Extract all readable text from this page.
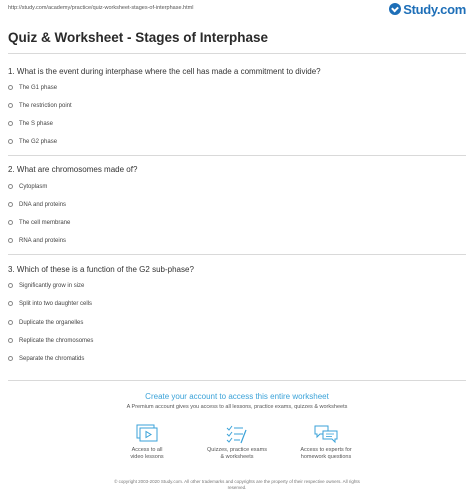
http://study.com/academy/practice/quiz-worksheet-stages-of-interphase.html	Study.com
Quiz & Worksheet - Stages of Interphase
1. What is the event during interphase where the cell has made a commitment to divide?
The G1 phase
The restriction point
The S phase
The G2 phase
2. What are chromosomes made of?
Cytoplasm
DNA and proteins
The cell membrane
RNA and proteins
3. Which of these is a function of the G2 sub-phase?
Significantly grow in size
Split into two daughter cells
Duplicate the organelles
Replicate the chromosomes
Separate the chromatids
Create your account to access this entire worksheet
A Premium account gives you access to all lessons, practice exams, quizzes & worksheets
Access to all
video lessons
Quizzes, practice exams
& worksheets
Access to experts for
homework questions
© copyright 2003-2020 Study.com. All other trademarks and copyrights are the property of their respective owners. All rights
reserved.
